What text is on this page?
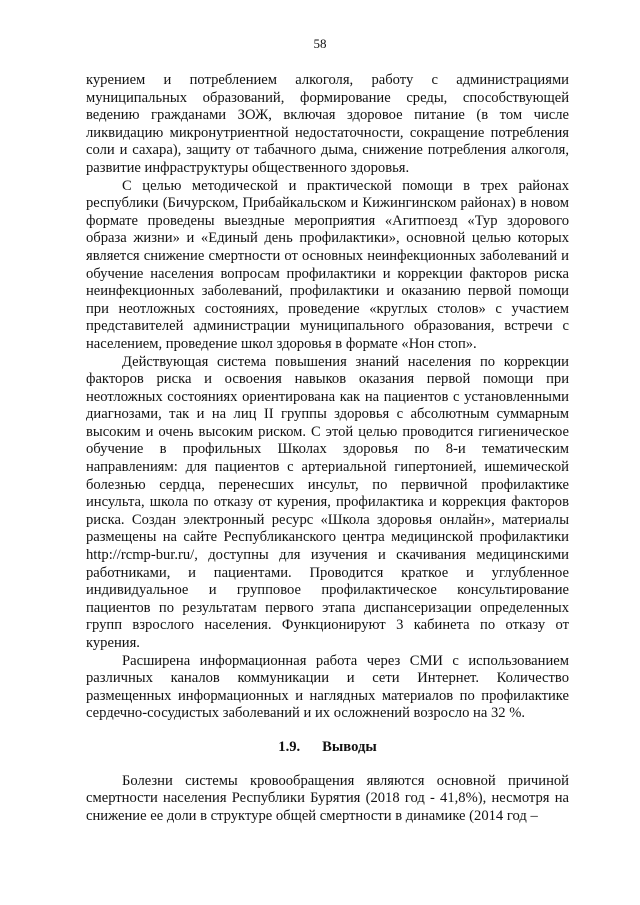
58

курением и потреблением алкоголя, работу с администрациями муниципальных образований, формирование среды, способствующей ведению гражданами ЗОЖ, включая здоровое питание (в том числе ликвидацию микронутриентной недостаточности, сокращение потребления соли и сахара), защиту от табачного дыма, снижение потребления алкоголя, развитие инфраструктуры общественного здоровья.

С целью методической и практической помощи в трех районах республики (Бичурском, Прибайкальском и Кижингинском районах) в новом формате проведены выездные мероприятия «Агитпоезд «Тур здорового образа жизни» и «Единый день профилактики», основной целью которых является снижение смертности от основных неинфекционных заболеваний и обучение населения вопросам профилактики и коррекции факторов риска неинфекционных заболеваний, профилактики и оказанию первой помощи при неотложных состояниях, проведение «круглых столов» с участием представителей администрации муниципального образования, встречи с населением, проведение школ здоровья в формате «Нон стоп».

Действующая система повышения знаний населения по коррекции факторов риска и освоения навыков оказания первой помощи при неотложных состояниях ориентирована как на пациентов с установленными диагнозами, так и на лиц II группы здоровья с абсолютным суммарным высоким и очень высоким риском. С этой целью проводится гигиеническое обучение в профильных Школах здоровья по 8-и тематическим направлениям: для пациентов с артериальной гипертонией, ишемической болезнью сердца, перенесших инсульт, по первичной профилактике инсульта, школа по отказу от курения, профилактика и коррекция факторов риска. Создан электронный ресурс «Школа здоровья онлайн», материалы размещены на сайте Республиканского центра медицинской профилактики http://rcmp-bur.ru/, доступны для изучения и скачивания медицинскими работниками, и пациентами. Проводится краткое и углубленное индивидуальное и групповое профилактическое консультирование пациентов по результатам первого этапа диспансеризации определенных групп взрослого населения. Функционируют 3 кабинета по отказу от курения.

Расширена информационная работа через СМИ с использованием различных каналов коммуникации и сети Интернет. Количество размещенных информационных и наглядных материалов по профилактике сердечно-сосудистых заболеваний и их осложнений возросло на 32 %.

1.9. Выводы

Болезни системы кровообращения являются основной причиной смертности населения Республики Бурятия (2018 год - 41,8%), несмотря на снижение ее доли в структуре общей смертности в динамике (2014 год –
